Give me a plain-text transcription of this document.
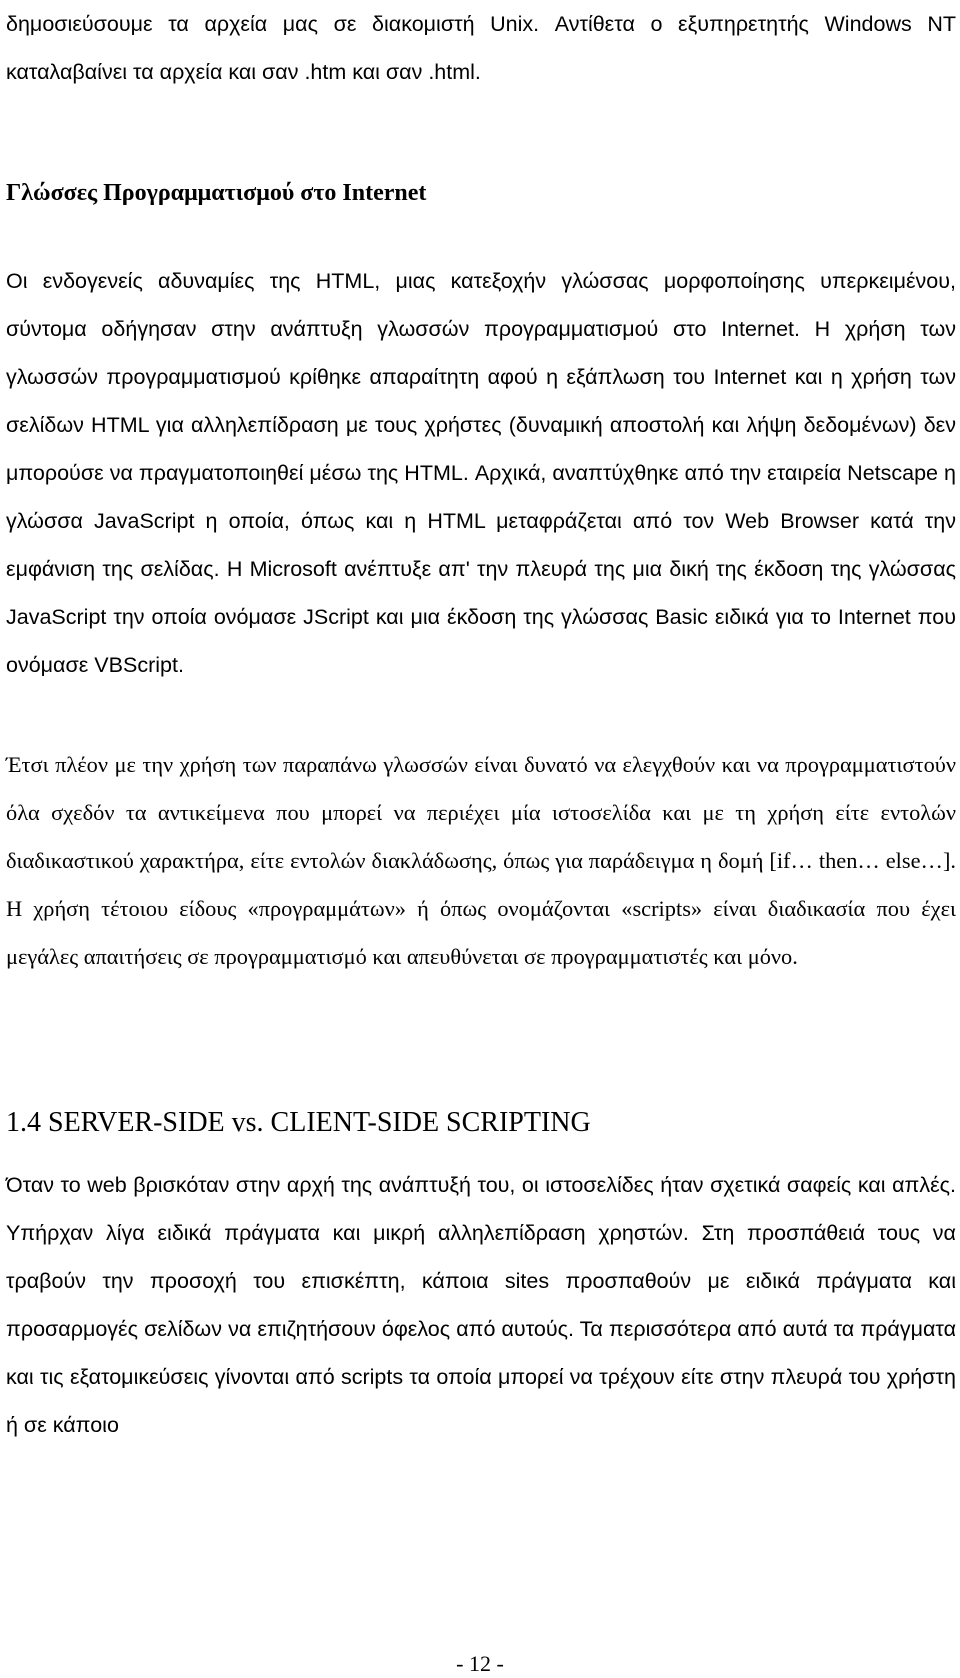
δημοσιεύσουμε τα αρχεία μας σε διακομιστή Unix. Αντίθετα ο εξυπηρετητής Windows NT καταλαβαίνει τα αρχεία και σαν .htm και σαν .html.

Γλώσσες Προγραμματισμού στο Internet

Οι ενδογενείς αδυναμίες της HTML, μιας κατεξοχήν γλώσσας μορφοποίησης υπερκειμένου, σύντομα οδήγησαν στην ανάπτυξη γλωσσών προγραμματισμού στο Internet. Η χρήση των γλωσσών προγραμματισμού κρίθηκε απαραίτητη αφού η εξάπλωση του Internet και η χρήση των σελίδων HTML για αλληλεπίδραση με τους χρήστες (δυναμική αποστολή και λήψη δεδομένων) δεν μπορούσε να πραγματοποιηθεί μέσω της HTML. Αρχικά, αναπτύχθηκε από την εταιρεία Netscape η γλώσσα JavaScript η οποία, όπως και η HTML μεταφράζεται από τον Web Browser κατά την εμφάνιση της σελίδας. Η Microsoft ανέπτυξε απ' την πλευρά της μια δική της έκδοση της γλώσσας JavaScript την οποία ονόμασε JScript και μια έκδοση της γλώσσας Basic ειδικά για το Internet που ονόμασε VBScript.

Έτσι πλέον με την χρήση των παραπάνω γλωσσών είναι δυνατό να ελεγχθούν και να προγραμματιστούν όλα σχεδόν τα αντικείμενα που μπορεί να περιέχει μία ιστοσελίδα και με τη χρήση είτε εντολών διαδικαστικού χαρακτήρα, είτε εντολών διακλάδωσης, όπως για παράδειγμα η δομή [if… then… else…]. Η χρήση τέτοιου είδους «προγραμμάτων» ή όπως ονομάζονται «scripts» είναι διαδικασία που έχει μεγάλες απαιτήσεις σε προγραμματισμό και απευθύνεται σε προγραμματιστές και μόνο.

1.4 SERVER-SIDE vs. CLIENT-SIDE SCRIPTING

Όταν το web βρισκόταν στην αρχή της ανάπτυξή του, οι ιστοσελίδες ήταν σχετικά σαφείς και απλές. Υπήρχαν λίγα ειδικά πράγματα και μικρή αλληλεπίδραση χρηστών. Στη προσπάθειά τους να τραβούν την προσοχή του επισκέπτη, κάποια sites προσπαθούν με ειδικά πράγματα και προσαρμογές σελίδων να επιζητήσουν όφελος από αυτούς. Τα περισσότερα από αυτά τα πράγματα και τις εξατομικεύσεις γίνονται από scripts τα οποία μπορεί να τρέχουν είτε στην πλευρά του χρήστη ή σε κάποιο

- 12 -
